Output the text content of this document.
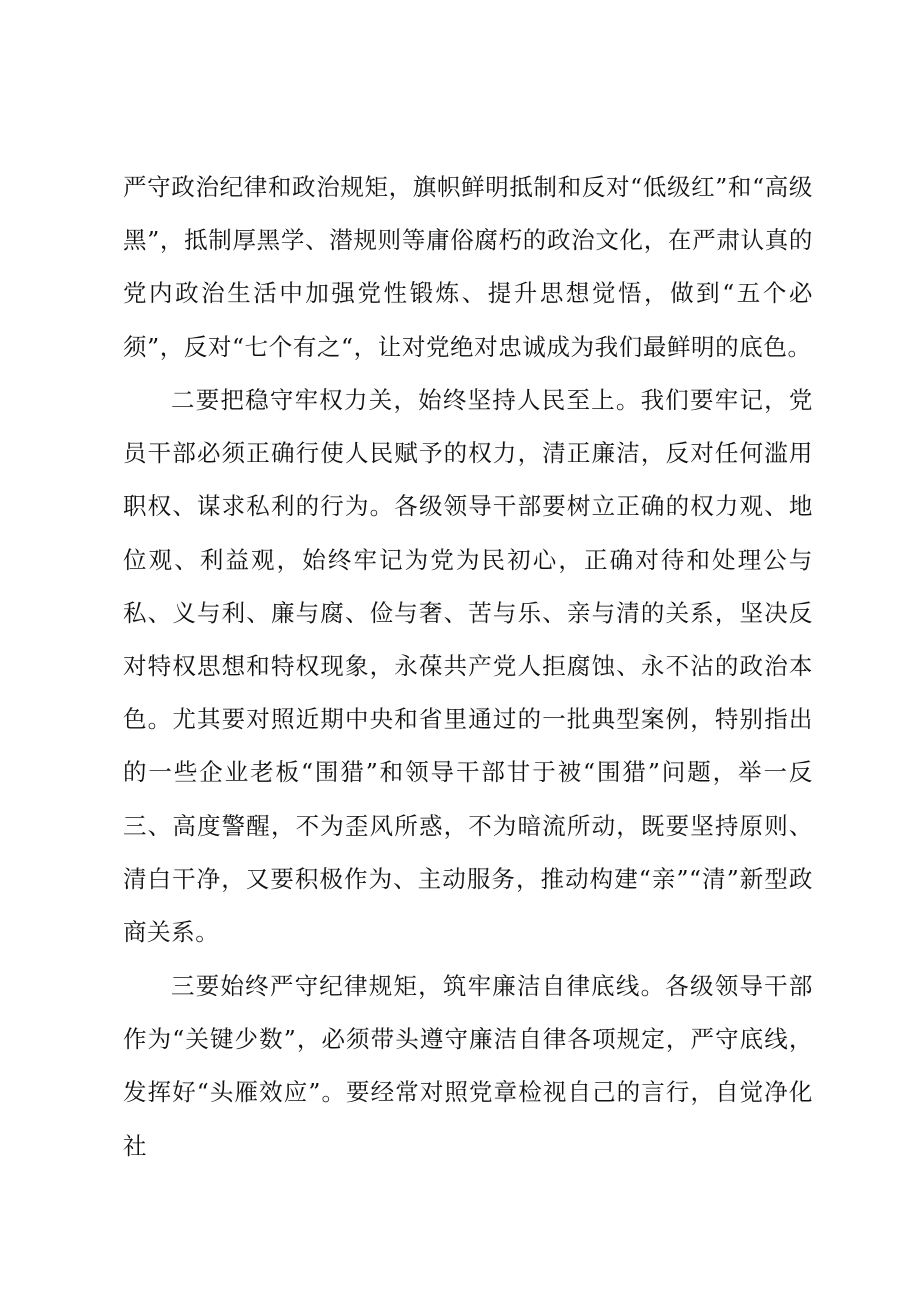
严守政治纪律和政治规矩，旗帜鲜明抵制和反对“低级红”和“高级黑”，抵制厚黑学、潜规则等庸俗腐朽的政治文化，在严肃认真的党内政治生活中加强党性锻炼、提升思想觉悟，做到“五个必须”，反对“七个有之“，让对党绝对忠诚成为我们最鲜明的底色。

二要把稳守牢权力关，始终坚持人民至上。我们要牢记，党员干部必须正确行使人民赋予的权力，清正廉洁，反对任何滥用职权、谋求私利的行为。各级领导干部要树立正确的权力观、地位观、利益观，始终牢记为党为民初心，正确对待和处理公与私、义与利、廉与腐、俭与奢、苦与乐、亲与清的关系，坚决反对特权思想和特权现象，永葆共产党人拒腐蚀、永不沾的政治本色。尤其要对照近期中央和省里通过的一批典型案例，特别指出的一些企业老板“围猎”和领导干部甘于被“围猎”问题，举一反三、高度警醒，不为歪风所惑，不为暗流所动，既要坚持原则、清白干净，又要积极作为、主动服务，推动构建“亲”“清”新型政商关系。

三要始终严守纪律规矩，筑牢廉洁自律底线。各级领导干部作为“关键少数”，必须带头遵守廉洁自律各项规定，严守底线，发挥好“头雁效应”。要经常对照党章检视自己的言行，自觉净化社
